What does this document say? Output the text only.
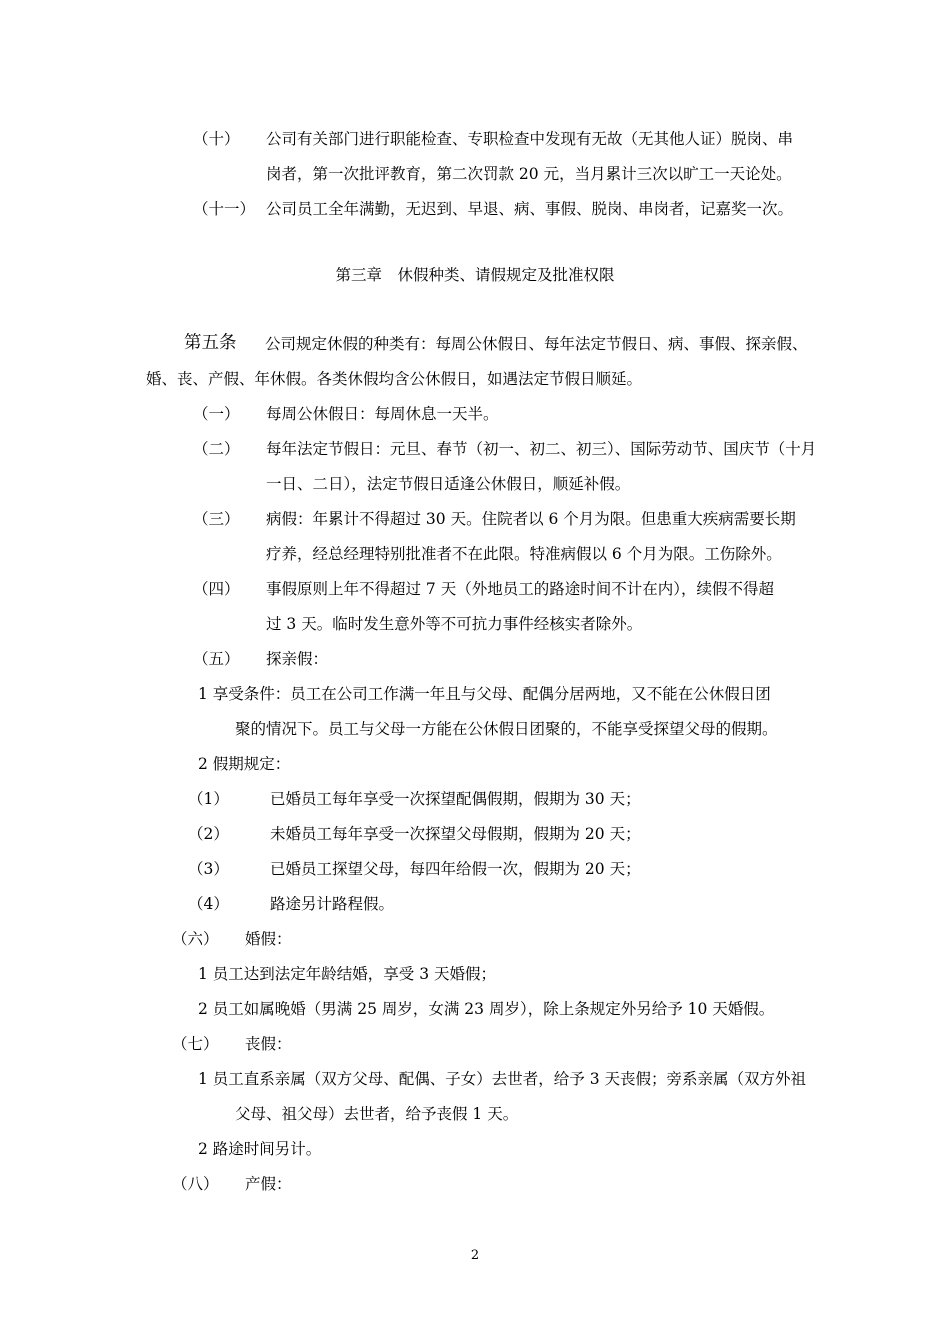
（十） 公司有关部门进行职能检查、专职检查中发现有无故（无其他人证）脱岗、串
岗者，第一次批评教育，第二次罚款 20 元，当月累计三次以旷工一天论处。
（十一） 公司员工全年满勤，无迟到、早退、病、事假、脱岗、串岗者，记嘉奖一次。
第三章　休假种类、请假规定及批准权限
第五条 公司规定休假的种类有：每周公休假日、每年法定节假日、病、事假、探亲假、
婚、丧、产假、年休假。各类休假均含公休假日，如遇法定节假日顺延。
（一） 每周公休假日：每周休息一天半。
（二） 每年法定节假日：元旦、春节（初一、初二、初三）、国际劳动节、国庆节（十月
一日、二日），法定节假日适逢公休假日，顺延补假。
（三） 病假：年累计不得超过 30 天。住院者以 6 个月为限。但患重大疾病需要长期
疗养，经总经理特别批准者不在此限。特准病假以 6 个月为限。工伤除外。
（四） 事假原则上年不得超过 7 天（外地员工的路途时间不计在内），续假不得超
过 3 天。临时发生意外等不可抗力事件经核实者除外。
（五） 探亲假：
1 享受条件：员工在公司工作满一年且与父母、配偶分居两地，又不能在公休假日团
聚的情况下。员工与父母一方能在公休假日团聚的，不能享受探望父母的假期。
2 假期规定：
（1）	已婚员工每年享受一次探望配偶假期，假期为 30 天；
（2）	未婚员工每年享受一次探望父母假期，假期为 20 天；
（3）	已婚员工探望父母，每四年给假一次，假期为 20 天；
（4）	路途另计路程假。
（六） 婚假：
1 员工达到法定年龄结婚，享受 3 天婚假；
2 员工如属晚婚（男满 25 周岁，女满 23 周岁），除上条规定外另给予 10 天婚假。
（七） 丧假：
1 员工直系亲属（双方父母、配偶、子女）去世者，给予 3 天丧假；旁系亲属（双方外祖
父母、祖父母）去世者，给予丧假 1 天。
2 路途时间另计。
（八） 产假：
2
